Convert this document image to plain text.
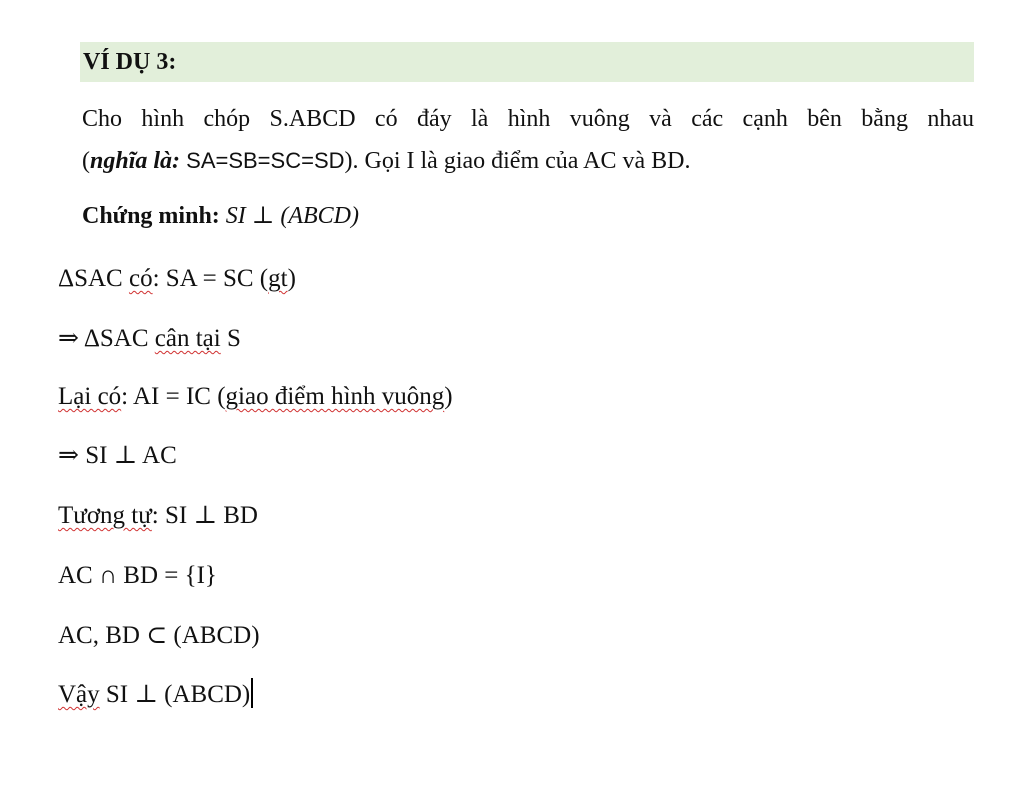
VÍ DỤ 3:
Cho hình chóp S.ABCD có đáy là hình vuông và các cạnh bên bằng nhau
(nghĩa là: SA=SB=SC=SD). Gọi I là giao điểm của AC và BD.
Chứng minh: SI ⊥ (ABCD)
ΔSAC có: SA = SC (gt)
⇒ ΔSAC cân tại S
Lại có: AI = IC (giao điểm hình vuông)
⇒ SI ⊥ AC
Tương tự: SI ⊥ BD
AC ∩ BD = {I}
AC, BD ⊂ (ABCD)
Vậy SI ⊥ (ABCD)
